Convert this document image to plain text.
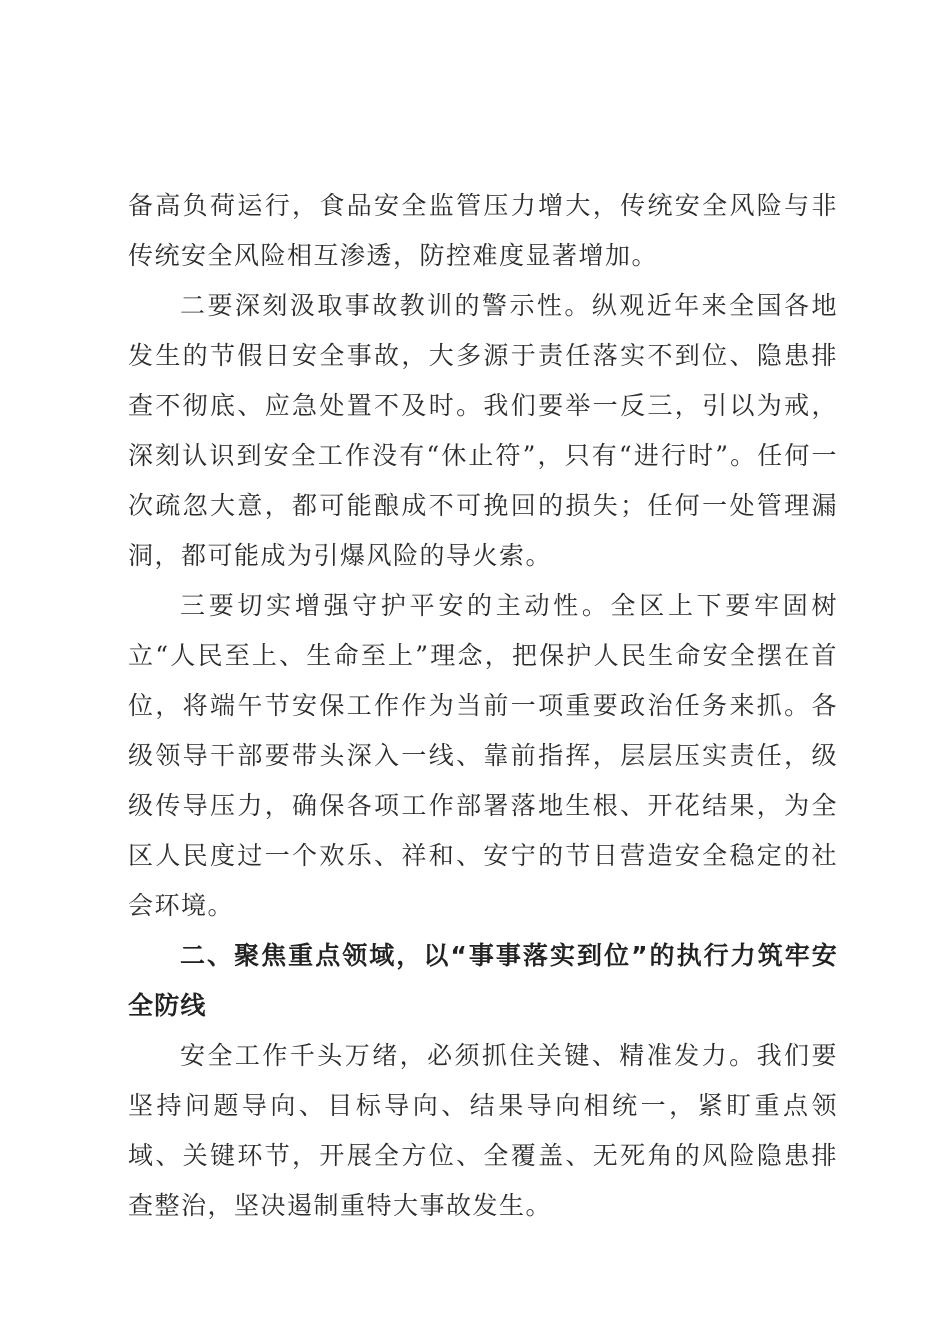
备高负荷运行，食品安全监管压力增大，传统安全风险与非传统安全风险相互渗透，防控难度显著增加。

二要深刻汲取事故教训的警示性。纵观近年来全国各地发生的节假日安全事故，大多源于责任落实不到位、隐患排查不彻底、应急处置不及时。我们要举一反三，引以为戒，深刻认识到安全工作没有“休止符”，只有“进行时”。任何一次疏忽大意，都可能酿成不可挽回的损失；任何一处管理漏洞，都可能成为引爆风险的导火索。

三要切实增强守护平安的主动性。全区上下要牢固树立“人民至上、生命至上”理念，把保护人民生命安全摆在首位，将端午节安保工作作为当前一项重要政治任务来抓。各级领导干部要带头深入一线、靠前指挥，层层压实责任，级级传导压力，确保各项工作部署落地生根、开花结果，为全区人民度过一个欢乐、祥和、安宁的节日营造安全稳定的社会环境。

二、聚焦重点领域，以“事事落实到位”的执行力筑牢安全防线

安全工作千头万绪，必须抓住关键、精准发力。我们要坚持问题导向、目标导向、结果导向相统一，紧盯重点领域、关键环节，开展全方位、全覆盖、无死角的风险隐患排查整治，坚决遏制重特大事故发生。
